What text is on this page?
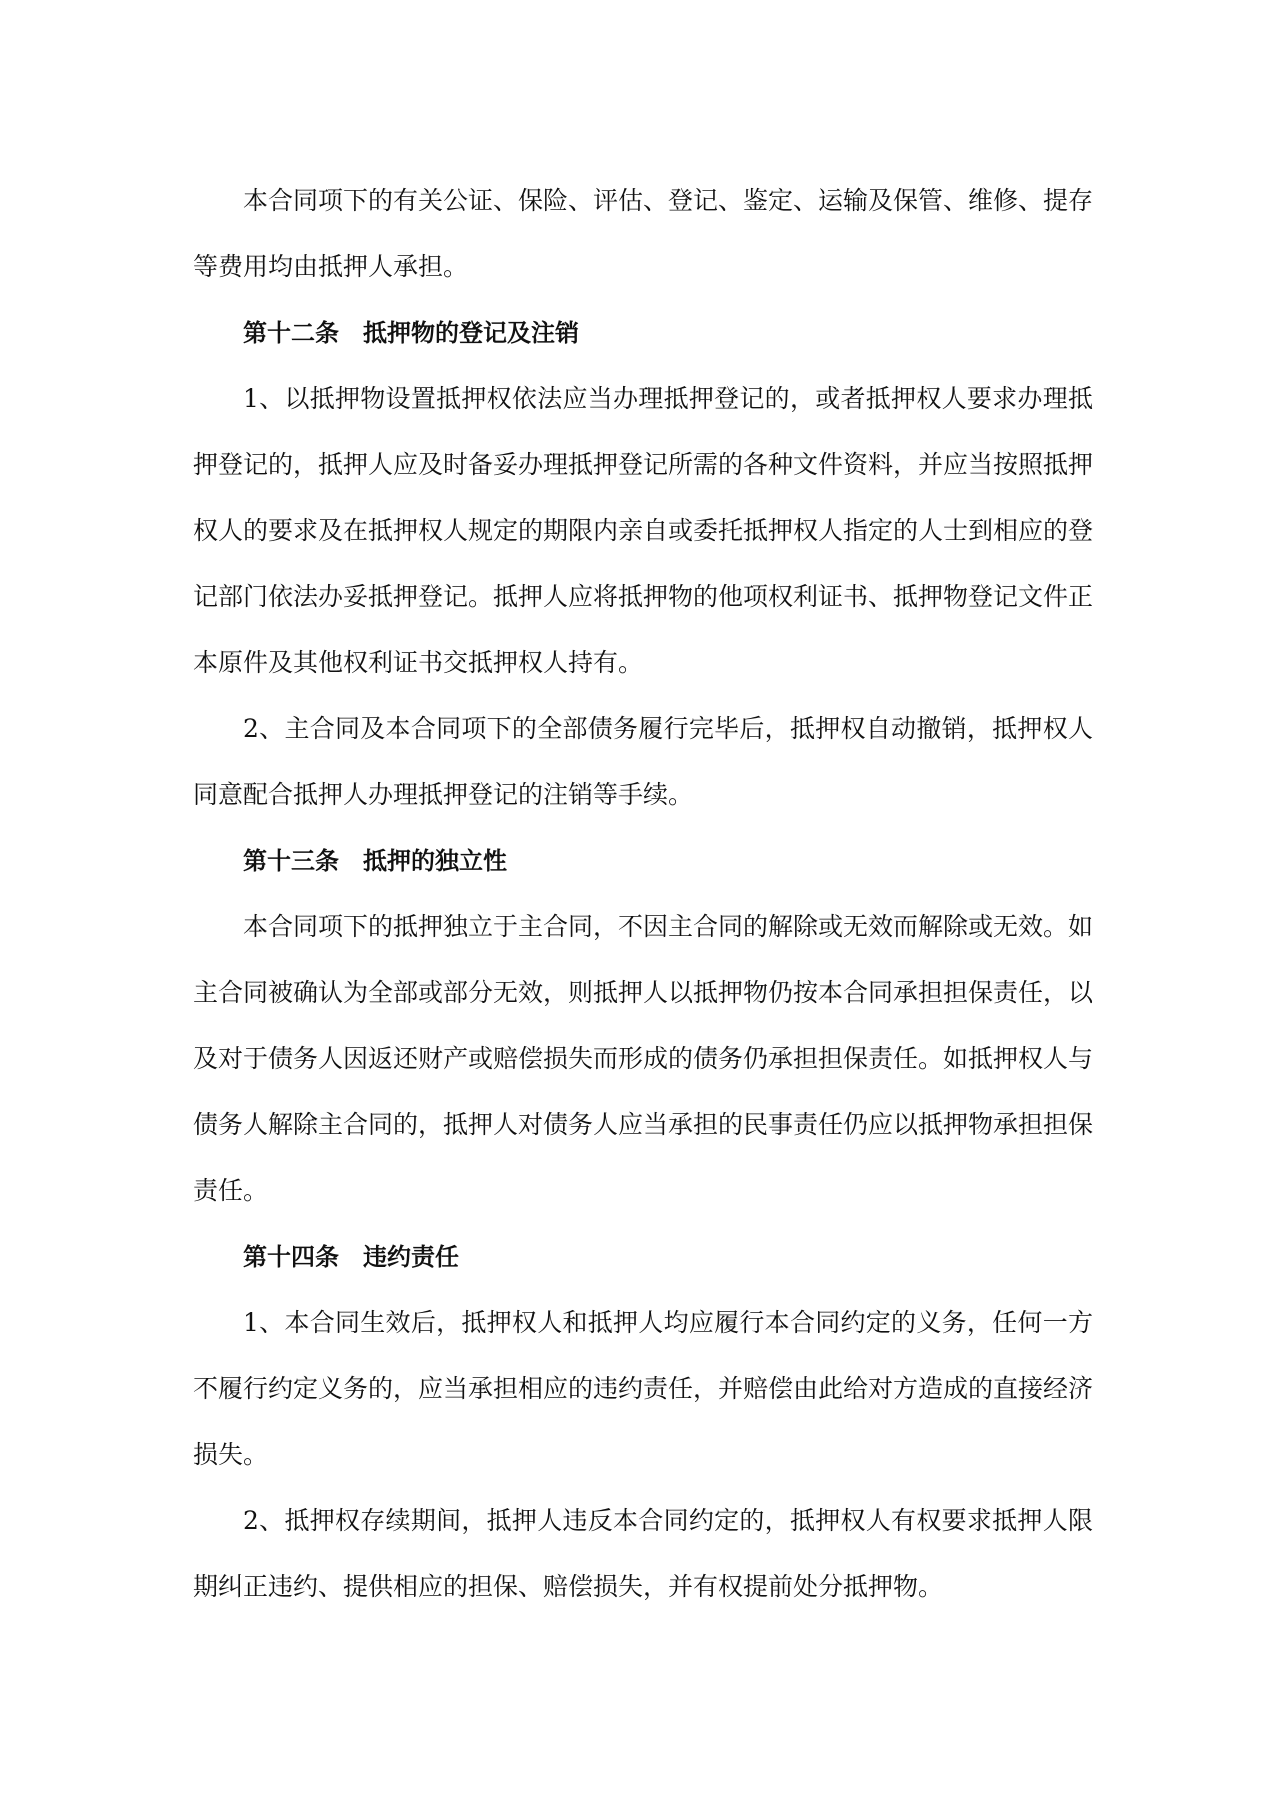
本合同项下的有关公证、保险、评估、登记、鉴定、运输及保管、维修、提存等费用均由抵押人承担。

第十二条　抵押物的登记及注销

1、以抵押物设置抵押权依法应当办理抵押登记的，或者抵押权人要求办理抵押登记的，抵押人应及时备妥办理抵押登记所需的各种文件资料，并应当按照抵押权人的要求及在抵押权人规定的期限内亲自或委托抵押权人指定的人士到相应的登记部门依法办妥抵押登记。抵押人应将抵押物的他项权利证书、抵押物登记文件正本原件及其他权利证书交抵押权人持有。

2、主合同及本合同项下的全部债务履行完毕后，抵押权自动撤销，抵押权人同意配合抵押人办理抵押登记的注销等手续。

第十三条　抵押的独立性

本合同项下的抵押独立于主合同，不因主合同的解除或无效而解除或无效。如主合同被确认为全部或部分无效，则抵押人以抵押物仍按本合同承担担保责任，以及对于债务人因返还财产或赔偿损失而形成的债务仍承担担保责任。如抵押权人与债务人解除主合同的，抵押人对债务人应当承担的民事责任仍应以抵押物承担担保责任。

第十四条　违约责任

1、本合同生效后，抵押权人和抵押人均应履行本合同约定的义务，任何一方不履行约定义务的，应当承担相应的违约责任，并赔偿由此给对方造成的直接经济损失。

2、抵押权存续期间，抵押人违反本合同约定的，抵押权人有权要求抵押人限期纠正违约、提供相应的担保、赔偿损失，并有权提前处分抵押物。
